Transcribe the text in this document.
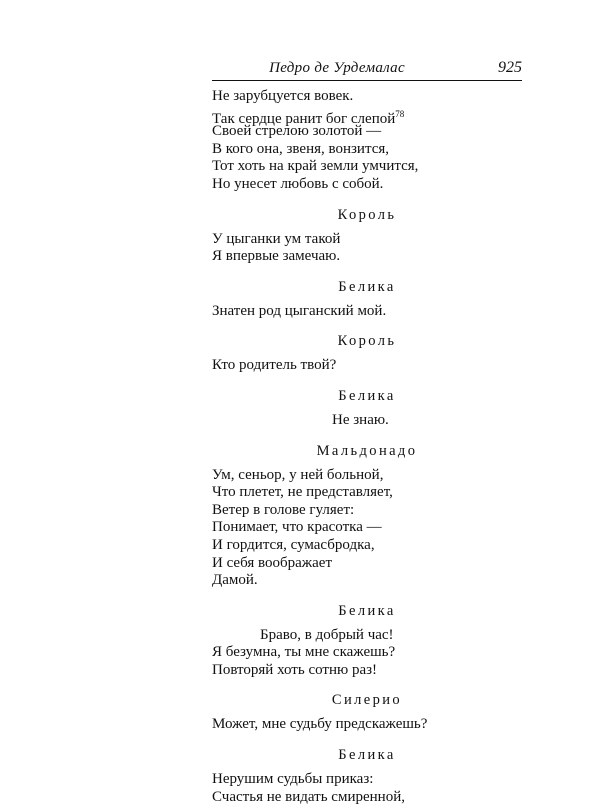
Педро де Урдемалас	925
Не зарубцуется вовек.
Так сердце ранит бог слепой$^{78}$
Своей стрелою золотой —
В кого она, звеня, вонзится,
Тот хоть на край земли умчится,
Но унесет любовь с собой.
Король
У цыганки ум такой
Я впервые замечаю.
Белика
Знатен род цыганский мой.
Король
Кто родитель твой?
Белика
Не знаю.
Мальдонадо
Ум, сеньор, у ней больной,
Что плетет, не представляет,
Ветер в голове гуляет:
Понимает, что красотка —
И гордится, сумасбродка,
И себя воображает
Дамой.
Белика
Браво, в добрый час!
Я безумна, ты мне скажешь?
Повторяй хоть сотню раз!
Силерио
Может, мне судьбу предскажешь?
Белика
Нерушим судьбы приказ:
Счастья не видать смиренной,
